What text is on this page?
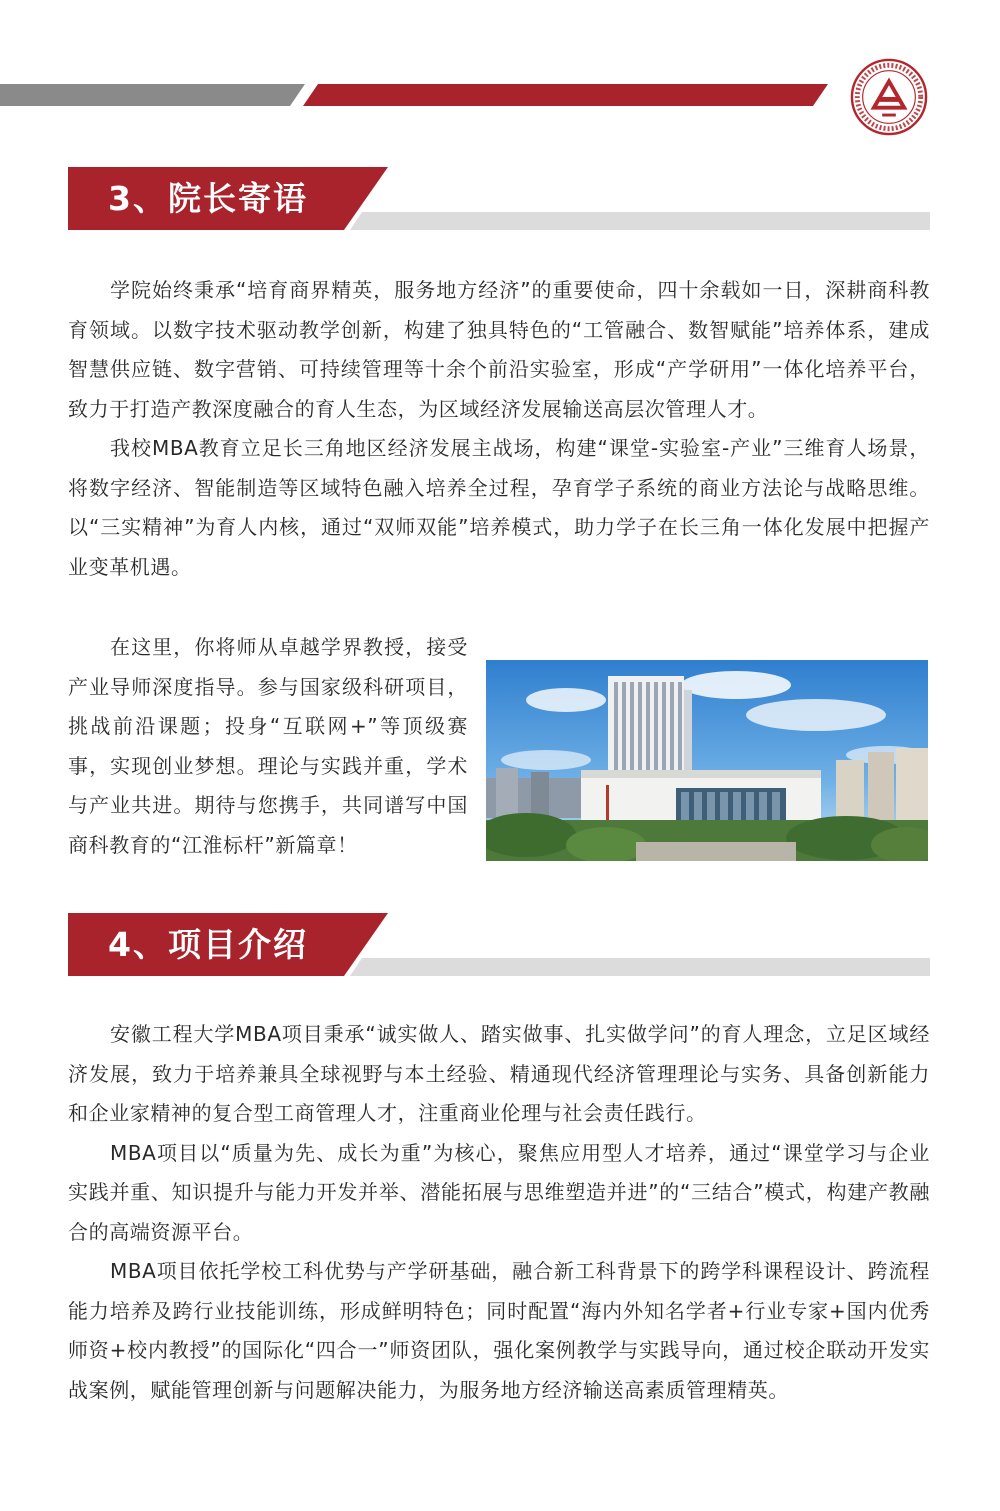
3、院长寄语

学院始终秉承“培育商界精英，服务地方经济”的重要使命，四十余载如一日，深耕商科教育领域。以数字技术驱动教学创新，构建了独具特色的“工管融合、数智赋能”培养体系，建成智慧供应链、数字营销、可持续管理等十余个前沿实验室，形成“产学研用”一体化培养平台，致力于打造产教深度融合的育人生态，为区域经济发展输送高层次管理人才。

我校MBA教育立足长三角地区经济发展主战场，构建“课堂-实验室-产业”三维育人场景，将数字经济、智能制造等区域特色融入培养全过程，孕育学子系统的商业方法论与战略思维。以“三实精神”为育人内核，通过“双师双能”培养模式，助力学子在长三角一体化发展中把握产业变革机遇。

在这里，你将师从卓越学界教授，接受产业导师深度指导。参与国家级科研项目，挑战前沿课题；投身“互联网+”等顶级赛事，实现创业梦想。理论与实践并重，学术与产业共进。期待与您携手，共同谱写中国商科教育的“江淮标杆”新篇章！

4、项目介绍

安徽工程大学MBA项目秉承“诚实做人、踏实做事、扎实做学问”的育人理念，立足区域经济发展，致力于培养兼具全球视野与本土经验、精通现代经济管理理论与实务、具备创新能力和企业家精神的复合型工商管理人才，注重商业伦理与社会责任践行。

MBA项目以“质量为先、成长为重”为核心，聚焦应用型人才培养，通过“课堂学习与企业实践并重、知识提升与能力开发并举、潜能拓展与思维塑造并进”的“三结合”模式，构建产教融合的高端资源平台。

MBA项目依托学校工科优势与产学研基础，融合新工科背景下的跨学科课程设计、跨流程能力培养及跨行业技能训练，形成鲜明特色；同时配置“海内外知名学者+行业专家+国内优秀师资+校内教授”的国际化“四合一”师资团队，强化案例教学与实践导向，通过校企联动开发实战案例，赋能管理创新与问题解决能力，为服务地方经济输送高素质管理精英。
